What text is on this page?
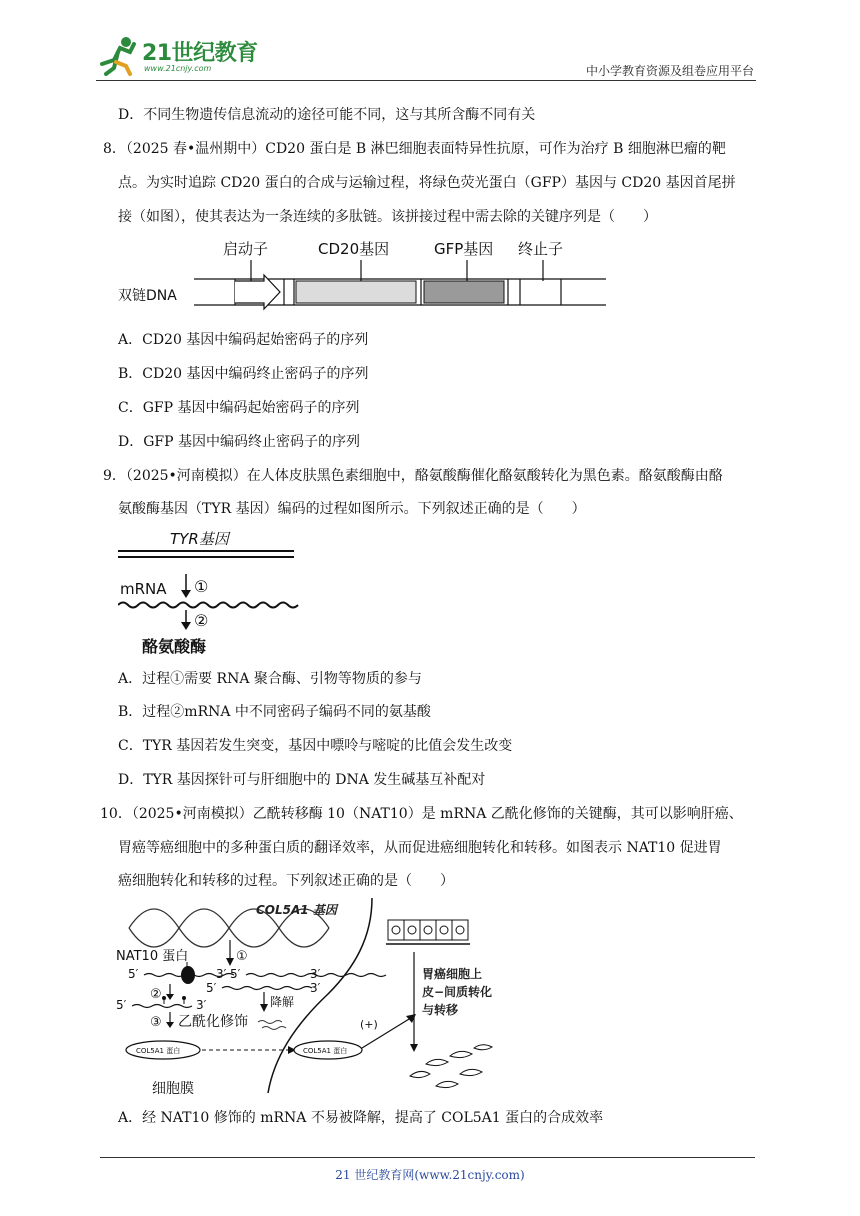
21世纪教育
www.21cnjy.com	中小学教育资源及组卷应用平台
D．不同生物遗传信息流动的途径可能不同，这与其所含酶不同有关
8．（2025 春•温州期中）CD20 蛋白是 B 淋巴细胞表面特异性抗原，可作为治疗 B 细胞淋巴瘤的靶
点。为实时追踪 CD20 蛋白的合成与运输过程，将绿色荧光蛋白（GFP）基因与 CD20 基因首尾拼
接（如图），使其表达为一条连续的多肽链。该拼接过程中需去除的关键序列是（　　）
双链DNA
启动子	CD20基因	GFP基因 终止子
A．CD20 基因中编码起始密码子的序列
B．CD20 基因中编码终止密码子的序列
C．GFP 基因中编码起始密码子的序列
D．GFP 基因中编码终止密码子的序列
9．（2025•河南模拟）在人体皮肤黑色素细胞中，酪氨酸酶催化酪氨酸转化为黑色素。酪氨酸酶由酪
氨酸酶基因（TYR 基因）编码的过程如图所示。下列叙述正确的是（　　）
TYR基因
mRNA ①
②
酪氨酸酶
A．过程①需要 RNA 聚合酶、引物等物质的参与
B．过程②mRNA 中不同密码子编码不同的氨基酸
C．TYR 基因若发生突变，基因中嘌呤与嘧啶的比值会发生改变
D．TYR 基因探针可与肝细胞中的 DNA 发生碱基互补配对
10．（2025•河南模拟）乙酰转移酶 10（NAT10）是 mRNA 乙酰化修饰的关键酶，其可以影响肝癌、
胃癌等癌细胞中的多种蛋白质的翻译效率，从而促进癌细胞转化和转移。如图表示 NAT10 促进胃
癌细胞转化和转移的过程。下列叙述正确的是（　　）
COL5A1 基因
NAT10 蛋白	①
5′	3′ 5′	3′
②	5′	3′
降解
5′	3′
③ 乙酰化修饰
COL5A1 蛋白	COL5A1 蛋白
细胞膜
(+)
胃癌细胞上
皮−间质转化
与转移
A．经 NAT10 修饰的 mRNA 不易被降解，提高了 COL5A1 蛋白的合成效率
21 世纪教育网(www.21cnjy.com)
